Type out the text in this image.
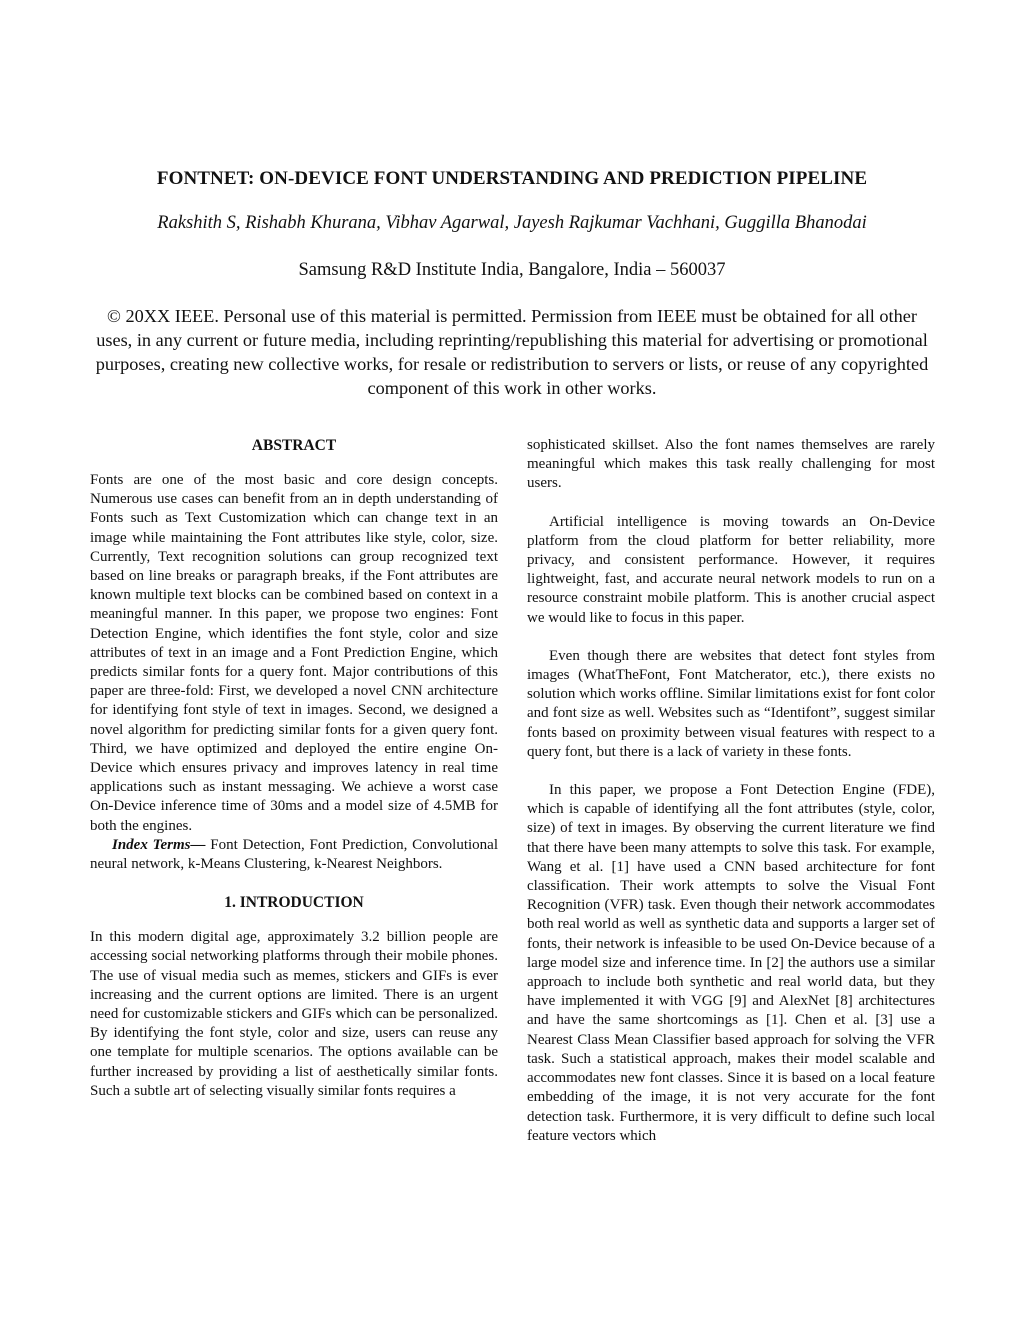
FONTNET: ON-DEVICE FONT UNDERSTANDING AND PREDICTION PIPELINE
Rakshith S, Rishabh Khurana, Vibhav Agarwal, Jayesh Rajkumar Vachhani, Guggilla Bhanodai
Samsung R&D Institute India, Bangalore, India – 560037
© 20XX IEEE. Personal use of this material is permitted. Permission from IEEE must be obtained for all other uses, in any current or future media, including reprinting/republishing this material for advertising or promotional purposes, creating new collective works, for resale or redistribution to servers or lists, or reuse of any copyrighted component of this work in other works.
ABSTRACT

Fonts are one of the most basic and core design concepts. Numerous use cases can benefit from an in depth understanding of Fonts such as Text Customization which can change text in an image while maintaining the Font attributes like style, color, size. Currently, Text recognition solutions can group recognized text based on line breaks or paragraph breaks, if the Font attributes are known multiple text blocks can be combined based on context in a meaningful manner. In this paper, we propose two engines: Font Detection Engine, which identifies the font style, color and size attributes of text in an image and a Font Prediction Engine, which predicts similar fonts for a query font. Major contributions of this paper are three-fold: First, we developed a novel CNN architecture for identifying font style of text in images. Second, we designed a novel algorithm for predicting similar fonts for a given query font. Third, we have optimized and deployed the entire engine On-Device which ensures privacy and improves latency in real time applications such as instant messaging. We achieve a worst case On-Device inference time of 30ms and a model size of 4.5MB for both the engines.

Index Terms— Font Detection, Font Prediction, Convolutional neural network, k-Means Clustering, k-Nearest Neighbors.

1. INTRODUCTION

In this modern digital age, approximately 3.2 billion people are accessing social networking platforms through their mobile phones. The use of visual media such as memes, stickers and GIFs is ever increasing and the current options are limited. There is an urgent need for customizable stickers and GIFs which can be personalized. By identifying the font style, color and size, users can reuse any one template for multiple scenarios. The options available can be further increased by providing a list of aesthetically similar fonts. Such a subtle art of selecting visually similar fonts requires a

sophisticated skillset. Also the font names themselves are rarely meaningful which makes this task really challenging for most users.

Artificial intelligence is moving towards an On-Device platform from the cloud platform for better reliability, more privacy, and consistent performance. However, it requires lightweight, fast, and accurate neural network models to run on a resource constraint mobile platform. This is another crucial aspect we would like to focus in this paper.

Even though there are websites that detect font styles from images (WhatTheFont, Font Matcherator, etc.), there exists no solution which works offline. Similar limitations exist for font color and font size as well. Websites such as “Identifont”, suggest similar fonts based on proximity between visual features with respect to a query font, but there is a lack of variety in these fonts.

In this paper, we propose a Font Detection Engine (FDE), which is capable of identifying all the font attributes (style, color, size) of text in images. By observing the current literature we find that there have been many attempts to solve this task. For example, Wang et al. [1] have used a CNN based architecture for font classification. Their work attempts to solve the Visual Font Recognition (VFR) task. Even though their network accommodates both real world as well as synthetic data and supports a larger set of fonts, their network is infeasible to be used On-Device because of a large model size and inference time. In [2] the authors use a similar approach to include both synthetic and real world data, but they have implemented it with VGG [9] and AlexNet [8] architectures and have the same shortcomings as [1]. Chen et al. [3] use a Nearest Class Mean Classifier based approach for solving the VFR task. Such a statistical approach, makes their model scalable and accommodates new font classes. Since it is based on a local feature embedding of the image, it is not very accurate for the font detection task. Furthermore, it is very difficult to define such local feature vectors which
